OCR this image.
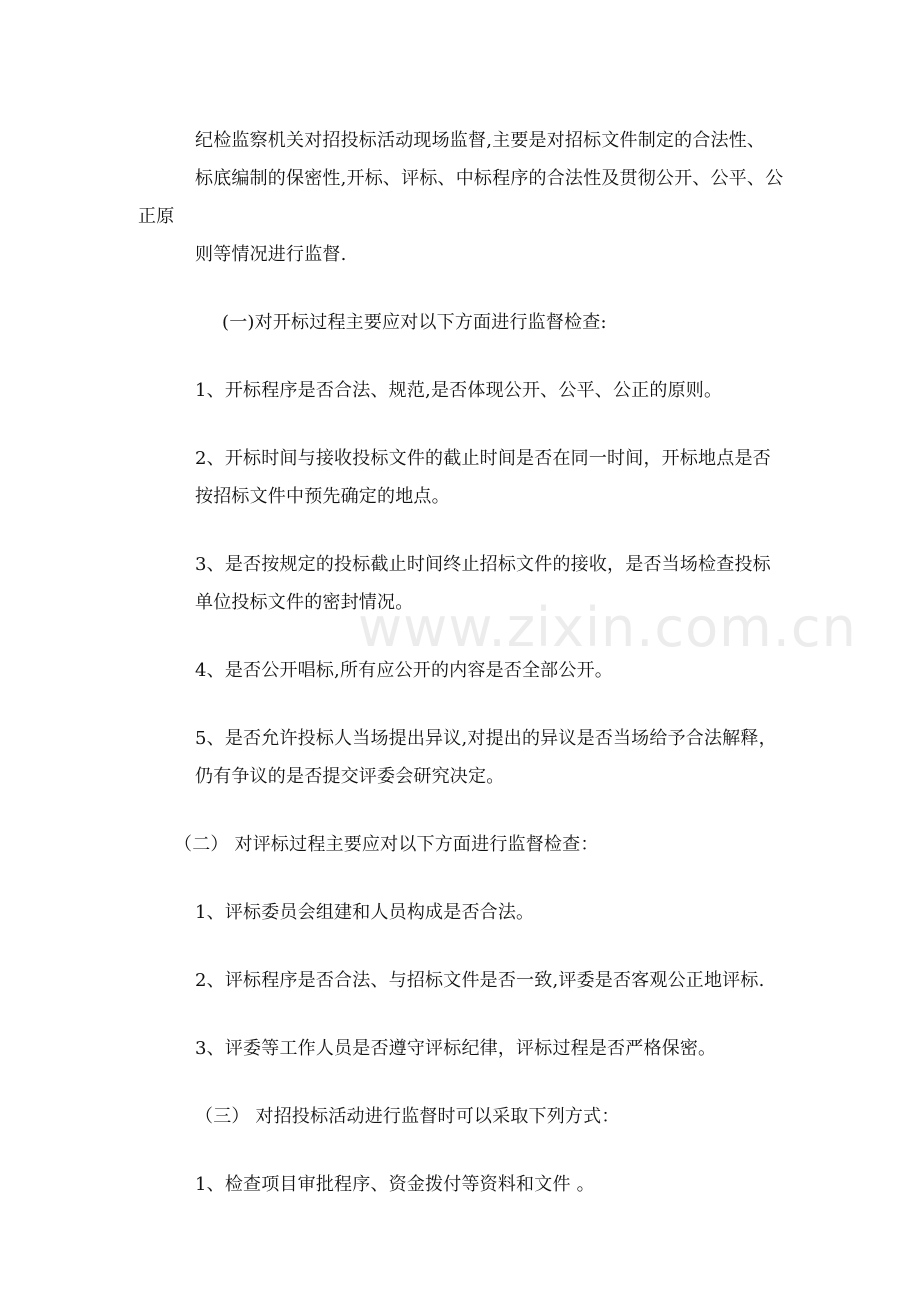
www.zixin.com.cn

纪检监察机关对招投标活动现场监督,主要是对招标文件制定的合法性、
标底编制的保密性,开标、评标、中标程序的合法性及贯彻公开、公平、公正原
则等情况进行监督.

(一)对开标过程主要应对以下方面进行监督检查:

1、开标程序是否合法、规范,是否体现公开、公平、公正的原则。

2、开标时间与接收投标文件的截止时间是否在同一时间，开标地点是否
按招标文件中预先确定的地点。

3、是否按规定的投标截止时间终止招标文件的接收，是否当场检查投标
单位投标文件的密封情况。

4、是否公开唱标,所有应公开的内容是否全部公开。

5、是否允许投标人当场提出异议,对提出的异议是否当场给予合法解释，
仍有争议的是否提交评委会研究决定。

（二） 对评标过程主要应对以下方面进行监督检查：

1、评标委员会组建和人员构成是否合法。

2、评标程序是否合法、与招标文件是否一致,评委是否客观公正地评标.

3、评委等工作人员是否遵守评标纪律，评标过程是否严格保密。

（三） 对招投标活动进行监督时可以采取下列方式：

1、检查项目审批程序、资金拨付等资料和文件 。
